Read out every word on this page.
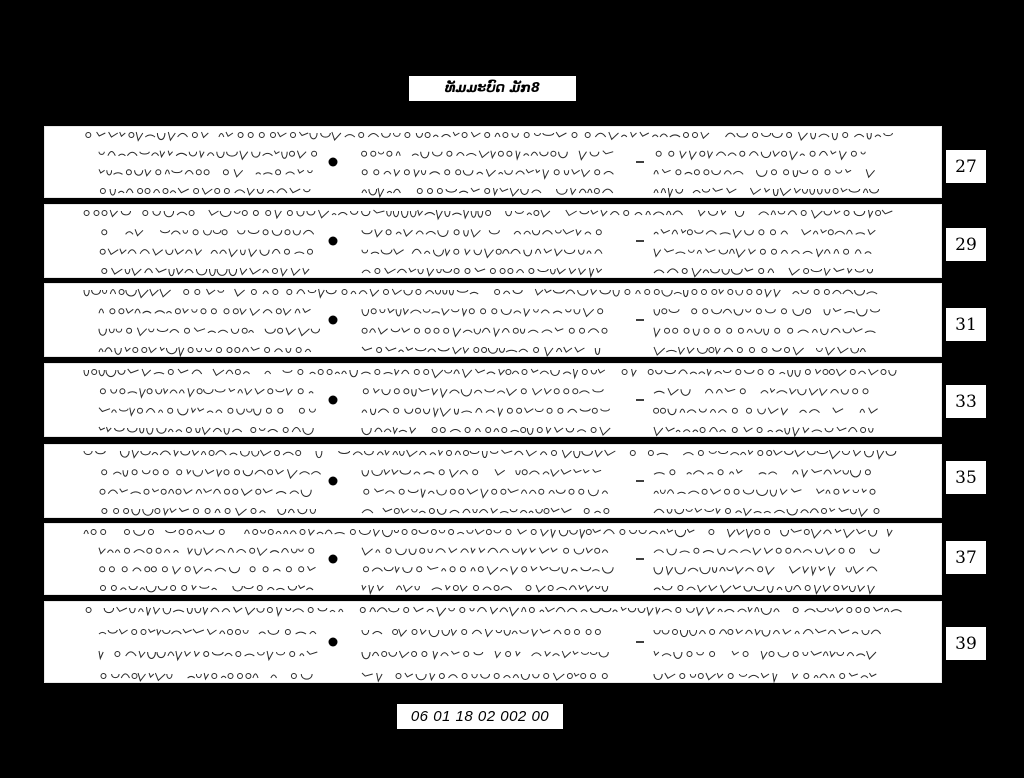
ທັມມະບົດ ມັກ8
27
29
31
33
35
37
39
06 01 18 02 002 00
